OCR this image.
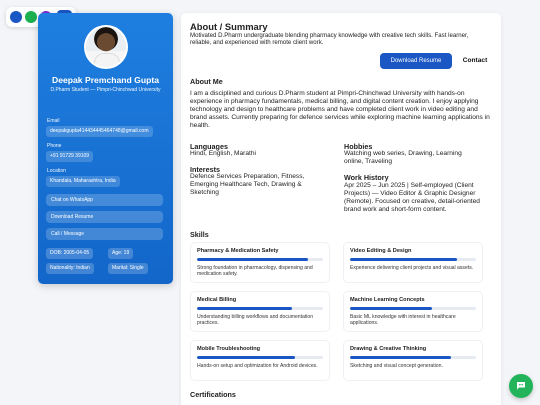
Deepak Premchand Gupta
D.Pharm Student — Pimpri-Chinchwad University
Email
deepakgupta414434445464748@gmail.com
Phone
+91 91729 39109
Location
Khandala, Maharashtra, India
Chat on WhatsApp
Download Resume
Call / Message
DOB: 2005-04-05	Age: 19
Nationality: Indian	Marital: Single
About / Summary
Motivated D.Pharm undergraduate blending pharmacy knowledge with creative tech skills. Fast learner, reliable, and experienced with remote client work.
Download Resume	Contact
About Me
I am a disciplined and curious D.Pharm student at Pimpri-Chinchwad University with hands-on experience in pharmacy fundamentals, medical billing, and digital content creation. I enjoy applying technology and design to healthcare problems and have completed client work in video editing and brand assets. Currently preparing for defence services while exploring machine learning applications in health.
Languages
Hindi, English, Marathi
Interests
Defence Services Preparation, Fitness, Emerging Healthcare Tech, Drawing & Sketching
Hobbies
Watching web series, Drawing, Learning online, Traveling
Work History
Apr 2025 – Jun 2025 | Self-employed (Client Projects) — Video Editor & Graphic Designer (Remote). Focused on creative, detail-oriented brand work and short-form content.
Skills
Pharmacy & Medication Safety
Strong foundation in pharmacology, dispensing and medication safety.
Video Editing & Design
Experience delivering client projects and visual assets.
Medical Billing
Understanding billing workflows and documentation practices.
Machine Learning Concepts
Basic ML knowledge with interest in healthcare applications.
Mobile Troubleshooting
Hands-on setup and optimization for Android devices.
Drawing & Creative Thinking
Sketching and visual concept generation.
Certifications
